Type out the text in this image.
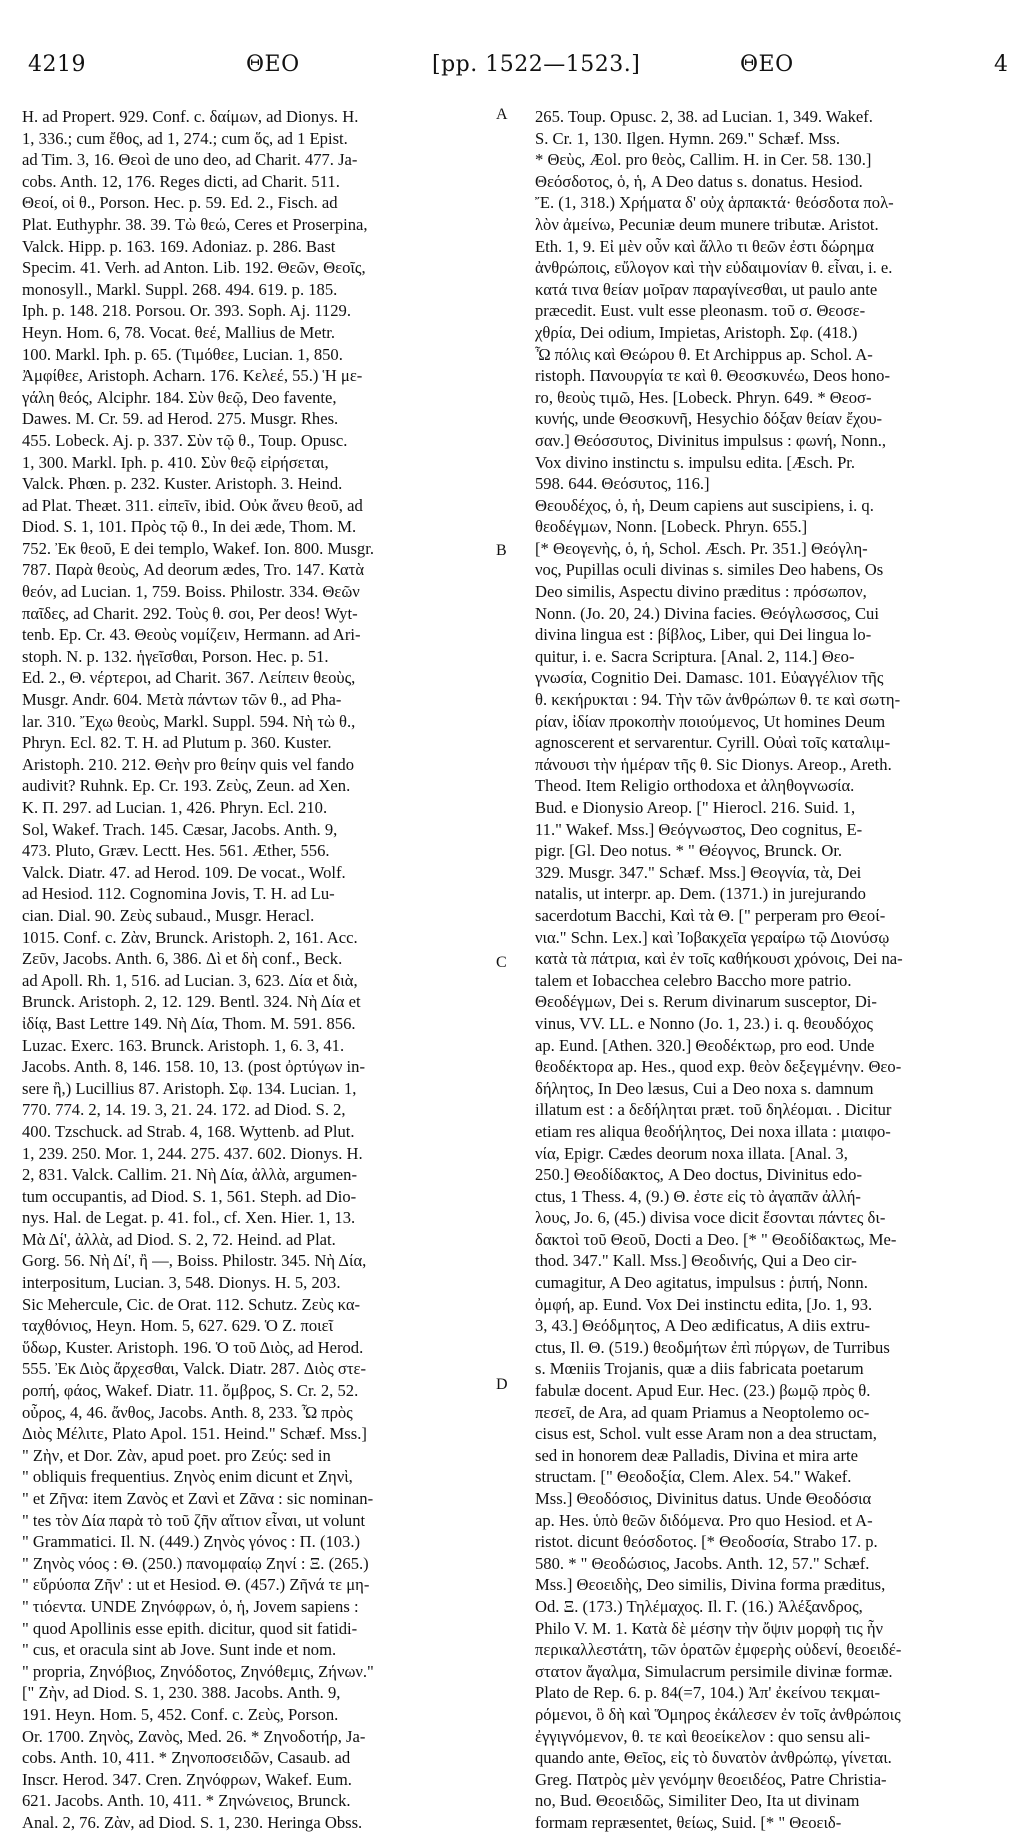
4219	ΘΕΟ	[pp. 1522—1523.]	ΘΕΟ	4
H. ad Propert. 929. Conf. c. δαίμων, ad Dionys. H.
1, 336.; cum ἔθος, ad 1, 274.; cum ὅς, ad 1 Epist.
ad Tim. 3, 16. Θεοὶ de uno deo, ad Charit. 477. Ja-
cobs. Anth. 12, 176. Reges dicti, ad Charit. 511.
Θεοί, οἱ θ., Porson. Hec. p. 59. Ed. 2., Fisch. ad
Plat. Euthyphr. 38. 39. Τὼ θεώ, Ceres et Proserpina,
Valck. Hipp. p. 163. 169. Adoniaz. p. 286. Bast
Specim. 41. Verh. ad Anton. Lib. 192. Θεῶν, Θεοῖς,
monosyll., Markl. Suppl. 268. 494. 619. p. 185.
Iph. p. 148. 218. Porsou. Or. 393. Soph. Aj. 1129.
Heyn. Hom. 6, 78. Vocat. θεέ, Mallius de Metr.
100. Markl. Iph. p. 65. (Τιμόθεε, Lucian. 1, 850.
Ἀμφίθεε, Aristoph. Acharn. 176. Κελεέ, 55.) Ἡ με-
γάλη θεός, Alciphr. 184. Σὺν θεῷ, Deo favente,
Dawes. M. Cr. 59. ad Herod. 275. Musgr. Rhes.
455. Lobeck. Aj. p. 337. Σὺν τῷ θ., Toup. Opusc.
1, 300. Markl. Iph. p. 410. Σὺν θεῷ εἰρήσεται,
Valck. Phœn. p. 232. Kuster. Aristoph. 3. Heind.
ad Plat. Theæt. 311. εἰπεῖν, ibid. Οὐκ ἄνευ θεοῦ, ad
Diod. S. 1, 101. Πρὸς τῷ θ., In dei æde, Thom. M.
752. Ἐκ θεοῦ, E dei templo, Wakef. Ion. 800. Musgr.
787. Παρὰ θεοὺς, Ad deorum ædes, Tro. 147. Κατὰ
θεόν, ad Lucian. 1, 759. Boiss. Philostr. 334. Θεῶν
παῖδες, ad Charit. 292. Τοὺς θ. σοι, Per deos! Wyt-
tenb. Ep. Cr. 43. Θεοὺς νομίζειν, Hermann. ad Ari-
stoph. N. p. 132. ἡγεῖσθαι, Porson. Hec. p. 51.
Ed. 2., Θ. νέρτεροι, ad Charit. 367. Λείπειν θεοὺς,
Musgr. Andr. 604. Μετὰ πάντων τῶν θ., ad Pha-
lar. 310. Ἔχω θεοὺς, Markl. Suppl. 594. Νὴ τὼ θ.,
Phryn. Ecl. 82. T. H. ad Plutum p. 360. Kuster.
Aristoph. 210. 212. Θεὴν pro θείην quis vel fando
audivit? Ruhnk. Ep. Cr. 193. Ζεὺς, Zeun. ad Xen.
K. Π. 297. ad Lucian. 1, 426. Phryn. Ecl. 210.
Sol, Wakef. Trach. 145. Cæsar, Jacobs. Anth. 9,
473. Pluto, Græv. Lectt. Hes. 561. Æther, 556.
Valck. Diatr. 47. ad Herod. 109. De vocat., Wolf.
ad Hesiod. 112. Cognomina Jovis, T. H. ad Lu-
cian. Dial. 90. Ζεὺς subaud., Musgr. Heracl.
1015. Conf. c. Ζὰν, Brunck. Aristoph. 2, 161. Acc.
Ζεῦν, Jacobs. Anth. 6, 386. Δὶ et δὴ conf., Beck.
ad Apoll. Rh. 1, 516. ad Lucian. 3, 623. Δία et διὰ,
Brunck. Aristoph. 2, 12. 129. Bentl. 324. Νὴ Δία et
ἰδίᾳ, Bast Lettre 149. Νὴ Δία, Thom. M. 591. 856.
Luzac. Exerc. 163. Brunck. Aristoph. 1, 6. 3, 41.
Jacobs. Anth. 8, 146. 158. 10, 13. (post ὀρτύγων in-
sere ἢ,) Lucillius 87. Aristoph. Σφ. 134. Lucian. 1,
770. 774. 2, 14. 19. 3, 21. 24. 172. ad Diod. S. 2,
400. Tzschuck. ad Strab. 4, 168. Wyttenb. ad Plut.
1, 239. 250. Mor. 1, 244. 275. 437. 602. Dionys. H.
2, 831. Valck. Callim. 21. Νὴ Δία, ἀλλὰ, argumen-
tum occupantis, ad Diod. S. 1, 561. Steph. ad Dio-
nys. Hal. de Legat. p. 41. fol., cf. Xen. Hier. 1, 13.
Μὰ Δί', ἀλλὰ, ad Diod. S. 2, 72. Heind. ad Plat.
Gorg. 56. Νὴ Δί', ἢ —, Boiss. Philostr. 345. Νὴ Δία,
interpositum, Lucian. 3, 548. Dionys. H. 5, 203.
Sic Mehercule, Cic. de Orat. 112. Schutz. Ζεὺς κα-
ταχθόνιος, Heyn. Hom. 5, 627. 629. Ὁ Ζ. ποιεῖ
ὕδωρ, Kuster. Aristoph. 196. Ὁ τοῦ Διὸς, ad Herod.
555. Ἐκ Διὸς ἄρχεσθαι, Valck. Diatr. 287. Διὸς στε-
ροπή, φάος, Wakef. Diatr. 11. ὄμβρος, S. Cr. 2, 52.
οὖρος, 4, 46. ἄνθος, Jacobs. Anth. 8, 233. Ὦ πρὸς
Διὸς Μέλιτε, Plato Apol. 151. Heind." Schæf. Mss.]
" Ζὴν, et Dor. Ζὰν, apud poet. pro Ζεύς: sed in
" obliquis frequentius. Ζηνὸς enim dicunt et Ζηνὶ,
" et Ζῆνα: item Ζανὸς et Ζανὶ et Ζᾶνα : sic nominan-
" tes τὸν Δία παρὰ τὸ τοῦ ζῆν αἴτιον εἶναι, ut volunt
" Grammatici. Il. N. (449.) Ζηνὸς γόνος : Π. (103.)
" Ζηνὸς νόος : Θ. (250.) πανομφαίῳ Ζηνί : Ξ. (265.)
" εὕρύοπα Ζῆν' : ut et Hesiod. Θ. (457.) Ζῆνά τε μη-
" τιόεντα. UNDE Ζηνόφρων, ὁ, ἡ, Jovem sapiens :
" quod Apollinis esse epith. dicitur, quod sit fatidi-
" cus, et oracula sint ab Jove. Sunt inde et nom.
" propria, Ζηνόβιος, Ζηνόδοτος, Ζηνόθεμις, Ζήνων."
[" Ζὴν, ad Diod. S. 1, 230. 388. Jacobs. Anth. 9,
191. Heyn. Hom. 5, 452. Conf. c. Ζεὺς, Porson.
Or. 1700. Ζηνὸς, Ζανὸς, Med. 26. * Ζηνοδοτήρ, Ja-
cobs. Anth. 10, 411. * Ζηνοποσειδῶν, Casaub. ad
Inscr. Herod. 347. Cren. Ζηνόφρων, Wakef. Eum.
621. Jacobs. Anth. 10, 411. * Ζηνώνειος, Brunck.
Anal. 2, 76. Ζὰν, ad Diod. S. 1, 230. Heringa Obss.
A
B
C
D
265. Toup. Opusc. 2, 38. ad Lucian. 1, 349. Wakef.
S. Cr. 1, 130. Ilgen. Hymn. 269." Schæf. Mss.
* Θεὺς, Æol. pro θεὸς, Callim. H. in Cer. 58. 130.]
Θεόσδοτος, ὁ, ἡ, A Deo datus s. donatus. Hesiod.
Ἔ. (1, 318.) Χρήματα δ' οὐχ ἁρπακτά· θεόσδοτα πολ-
λὸν ἀμείνω, Pecuniæ deum munere tributæ. Aristot.
Eth. 1, 9. Εἰ μὲν οὖν καὶ ἄλλο τι θεῶν ἐστι δώρημα
ἀνθρώποις, εὔλογον καὶ τὴν εὐδαιμονίαν θ. εἶναι, i. e.
κατά τινα θείαν μοῖραν παραγίνεσθαι, ut paulo ante
præcedit. Eust. vult esse pleonasm. τοῦ σ. Θεοσε-
χθρία, Dei odium, Impietas, Aristoph. Σφ. (418.)
Ὦ πόλις καὶ Θεώρου θ. Et Archippus ap. Schol. A-
ristoph. Πανουργία τε καὶ θ. Θεοσκυνέω, Deos hono-
ro, θεοὺς τιμῶ, Hes. [Lobeck. Phryn. 649. * Θεοσ-
κυνής, unde Θεοσκυνῆ, Hesychio δόξαν θείαν ἔχου-
σαν.] Θεόσσυτος, Divinitus impulsus : φωνή, Nonn.,
Vox divino instinctu s. impulsu edita. [Æsch. Pr.
598. 644. Θεόσυτος, 116.]
Θεουδέχος, ὁ, ἡ, Deum capiens aut suscipiens, i. q.
θεοδέγμων, Nonn. [Lobeck. Phryn. 655.]
[* Θεογενὴς, ὁ, ἡ, Schol. Æsch. Pr. 351.] Θεόγλη-
νος, Pupillas oculi divinas s. similes Deo habens, Os
Deo similis, Aspectu divino præditus : πρόσωπον,
Nonn. (Jo. 20, 24.) Divina facies. Θεόγλωσσος, Cui
divina lingua est : βίβλος, Liber, qui Dei lingua lo-
quitur, i. e. Sacra Scriptura. [Anal. 2, 114.] Θεο-
γνωσία, Cognitio Dei. Damasc. 101. Εὐαγγέλιον τῆς
θ. κεκήρυκται : 94. Τὴν τῶν ἀνθρώπων θ. τε καὶ σωτη-
ρίαν, ἰδίαν προκοπὴν ποιούμενος, Ut homines Deum
agnoscerent et servarentur. Cyrill. Οὐαὶ τοῖς καταλιμ-
πάνουσι τὴν ἡμέραν τῆς θ. Sic Dionys. Areop., Areth.
Theod. Item Religio orthodoxa et ἀληθογνωσία.
Bud. e Dionysio Areop. [" Hierocl. 216. Suid. 1,
11." Wakef. Mss.] Θεόγνωστος, Deo cognitus, E-
pigr. [Gl. Deo notus. * " Θέογνος, Brunck. Or.
329. Musgr. 347." Schæf. Mss.] Θεογνία, τὰ, Dei
natalis, ut interpr. ap. Dem. (1371.) in jurejurando
sacerdotum Bacchi, Καὶ τὰ Θ. [" perperam pro Θεοί-
νια." Schn. Lex.] καὶ Ἰοβακχεῖα γεραίρω τῷ Διονύσῳ
κατὰ τὰ πάτρια, καὶ ἐν τοῖς καθήκουσι χρόνοις, Dei na-
talem et Iobacchea celebro Baccho more patrio.
Θεοδέγμων, Dei s. Rerum divinarum susceptor, Di-
vinus, VV. LL. e Nonno (Jo. 1, 23.) i. q. θεουδόχος
ap. Eund. [Athen. 320.] Θεοδέκτωρ, pro eod. Unde
θεοδέκτορα ap. Hes., quod exp. θεὸν δεξεγμένην. Θεο-
δήλητος, In Deo læsus, Cui a Deo noxa s. damnum
illatum est : a δεδήληται præt. τοῦ δηλέομαι. . Dicitur
etiam res aliqua θεοδήλητος, Dei noxa illata : μιαιφο-
νία, Epigr. Cædes deorum noxa illata. [Anal. 3,
250.] Θεοδίδακτος, A Deo doctus, Divinitus edo-
ctus, 1 Thess. 4, (9.) Θ. ἐστε εἰς τὸ ἀγαπᾶν ἀλλή-
λους, Jo. 6, (45.) divisa voce dicit ἔσονται πάντες δι-
δακτοὶ τοῦ Θεοῦ, Docti a Deo. [* " Θεοδίδακτως, Me-
thod. 347." Kall. Mss.] Θεοδινής, Qui a Deo cir-
cumagitur, A Deo agitatus, impulsus : ῥιπή, Nonn.
ὀμφή, ap. Eund. Vox Dei instinctu edita, [Jo. 1, 93.
3, 43.] Θεόδμητος, A Deo ædificatus, A diis extru-
ctus, Il. Θ. (519.) θεοδμήτων ἐπὶ πύργων, de Turribus
s. Mœniis Trojanis, quæ a diis fabricata poetarum
fabulæ docent. Apud Eur. Hec. (23.) βωμῷ πρὸς θ.
πεσεῖ, de Ara, ad quam Priamus a Neoptolemo oc-
cisus est, Schol. vult esse Aram non a dea structam,
sed in honorem deæ Palladis, Divina et mira arte
structam. [" Θεοδοξία, Clem. Alex. 54." Wakef.
Mss.] Θεοδόσιος, Divinitus datus. Unde Θεοδόσια
ap. Hes. ὑπὸ θεῶν διδόμενα. Pro quo Hesiod. et A-
ristot. dicunt θεόσδοτος. [* Θεοδοσία, Strabo 17. p.
580. * " Θεοδώσιος, Jacobs. Anth. 12, 57." Schæf.
Mss.] Θεοειδὴς, Deo similis, Divina forma præditus,
Od. Ξ. (173.) Τηλέμαχος. Il. Γ. (16.) Ἀλέξανδρος,
Philo V. M. 1. Κατὰ δὲ μέσην τὴν ὄψιν μορφὴ τις ἦν
περικαλλεστάτη, τῶν ὁρατῶν ἐμφερὴς οὐδενί, θεοειδέ-
στατον ἄγαλμα, Simulacrum persimile divinæ formæ.
Plato de Rep. 6. p. 84(=7, 104.) Ἀπ' ἐκείνου τεκμαι-
ρόμενοι, ὃ δὴ καὶ Ὅμηρος ἐκάλεσεν ἐν τοῖς ἀνθρώποις
ἐγγιγνόμενον, θ. τε καὶ θεοείκελον : quo sensu ali-
quando ante, Θεῖος, εἰς τὸ δυνατὸν ἀνθρώπῳ, γίνεται.
Greg. Πατρὸς μὲν γενόμην θεοειδέος, Patre Christia-
no, Bud. Θεοειδῶς, Similiter Deo, Ita ut divinam
formam repræsentet, θείως, Suid. [* " Θεοειδ-
